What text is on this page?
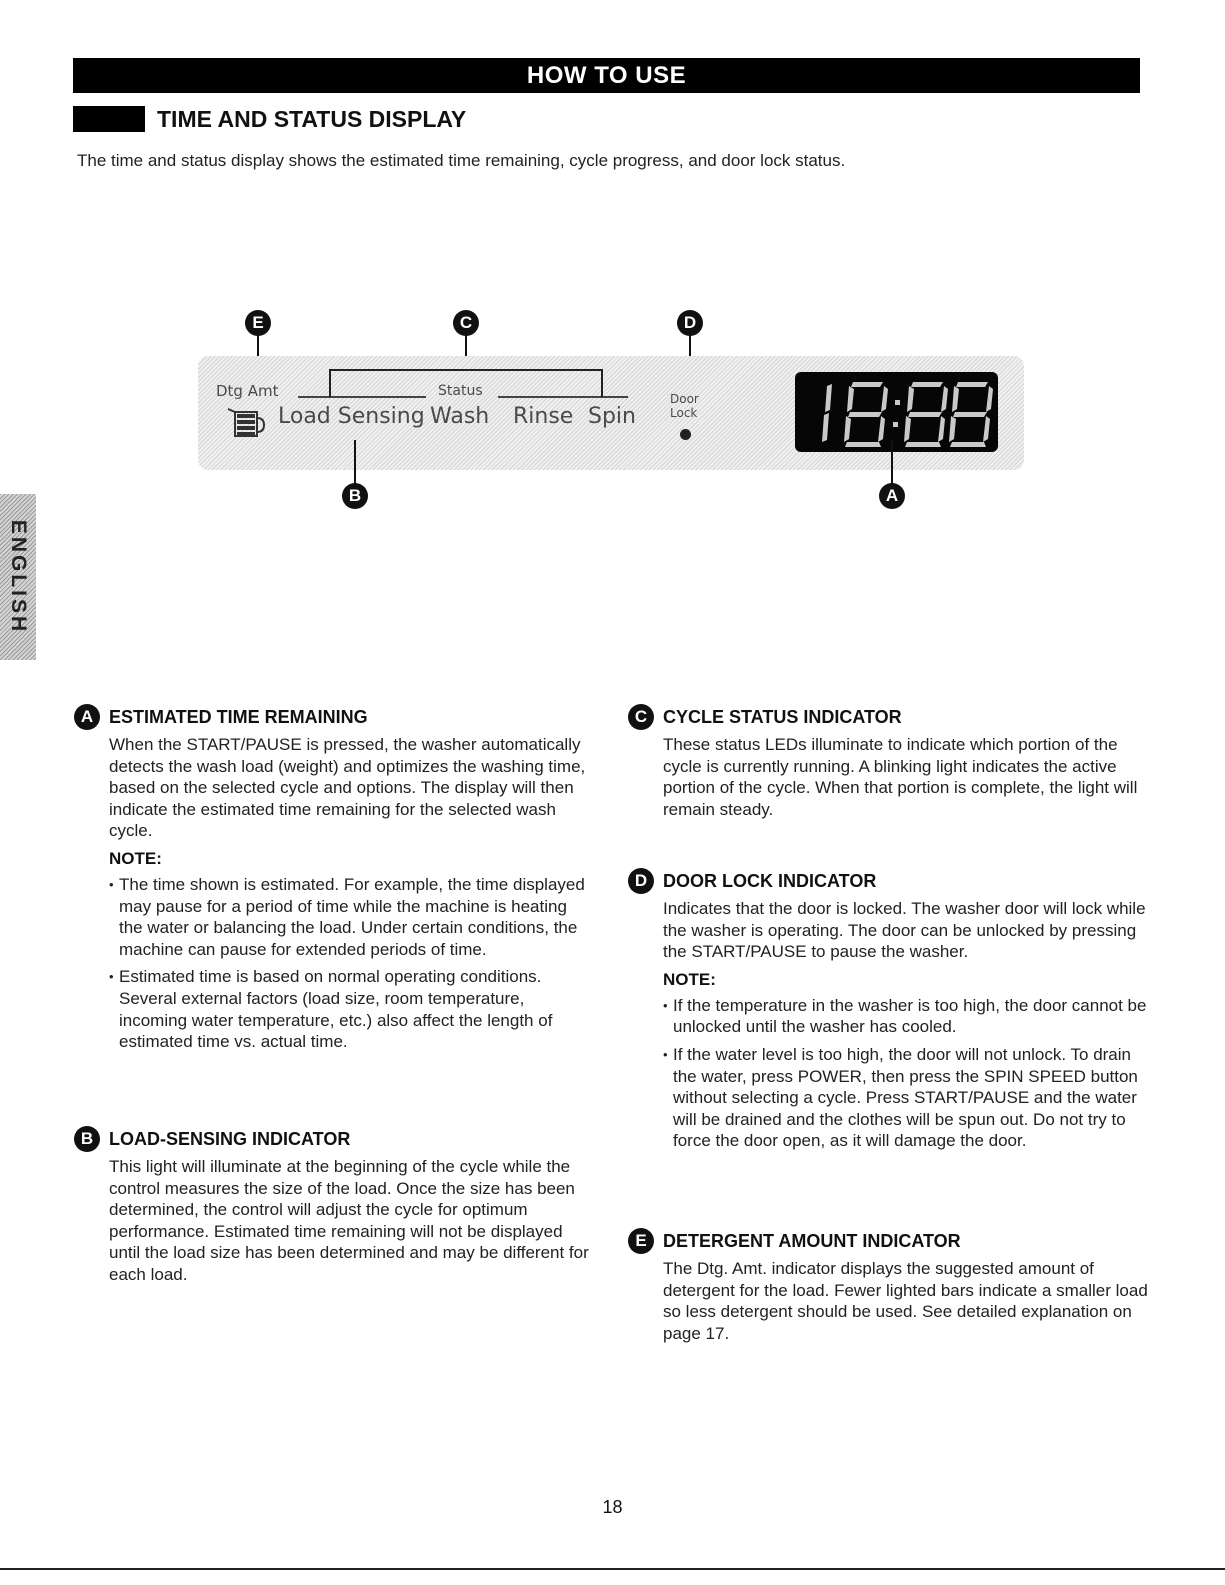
HOW TO USE
TIME AND STATUS DISPLAY
The time and status display shows the estimated time remaining, cycle progress, and door lock status.
E	C	D
Dtg Amt	Status
Load Sensing Wash Rinse Spin
Door
Lock
B	A
ENGLISH
A ESTIMATED TIME REMAINING
When the START/PAUSE is pressed, the washer automatically detects the wash load (weight) and optimizes the washing time, based on the selected cycle and options. The display will then indicate the estimated time remaining for the selected wash cycle.
NOTE:
• The time shown is estimated. For example, the time displayed may pause for a period of time while the machine is heating the water or balancing the load. Under certain conditions, the machine can pause for extended periods of time.
• Estimated time is based on normal operating conditions. Several external factors (load size, room temperature, incoming water temperature, etc.) also affect the length of estimated time vs. actual time.
B LOAD-SENSING INDICATOR
This light will illuminate at the beginning of the cycle while the control measures the size of the load. Once the size has been determined, the control will adjust the cycle for optimum performance. Estimated time remaining will not be displayed until the load size has been determined and may be different for each load.
C CYCLE STATUS INDICATOR
These status LEDs illuminate to indicate which portion of the cycle is currently running. A blinking light indicates the active portion of the cycle. When that portion is complete, the light will remain steady.
D DOOR LOCK INDICATOR
Indicates that the door is locked. The washer door will lock while the washer is operating. The door can be unlocked by pressing the START/PAUSE to pause the washer.
NOTE:
• If the temperature in the washer is too high, the door cannot be unlocked until the washer has cooled.
• If the water level is too high, the door will not unlock. To drain the water, press POWER, then press the SPIN SPEED button without selecting a cycle. Press START/PAUSE and the water will be drained and the clothes will be spun out. Do not try to force the door open, as it will damage the door.
E DETERGENT AMOUNT INDICATOR
The Dtg. Amt. indicator displays the suggested amount of detergent for the load. Fewer lighted bars indicate a smaller load so less detergent should be used. See detailed explanation on page 17.
18
